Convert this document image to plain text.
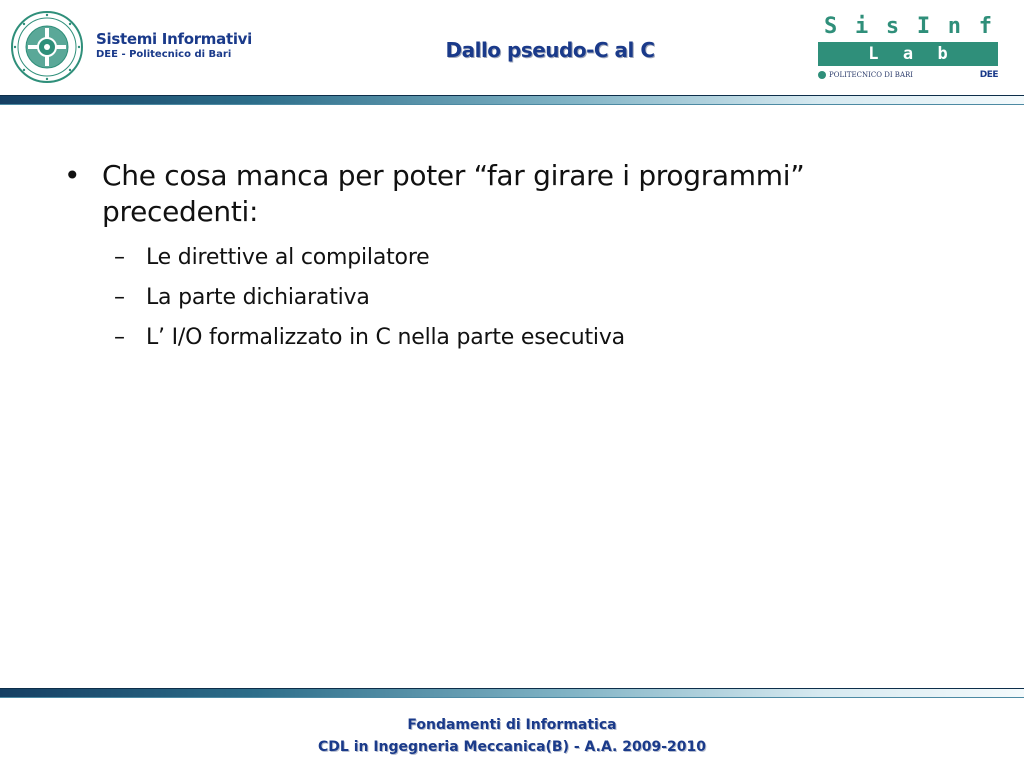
Sistemi Informativi
DEE - Politecnico di Bari	Dallo pseudo-C al C
S i s I n f
L a b
POLITECNICO DI BARI	DEE
• Che cosa manca per poter “far girare i programmi” precedenti:
– Le direttive al compilatore
– La parte dichiarativa
– L’ I/O formalizzato in C nella parte esecutiva
Fondamenti di Informatica
CDL in Ingegneria Meccanica(B) - A.A. 2009-2010
